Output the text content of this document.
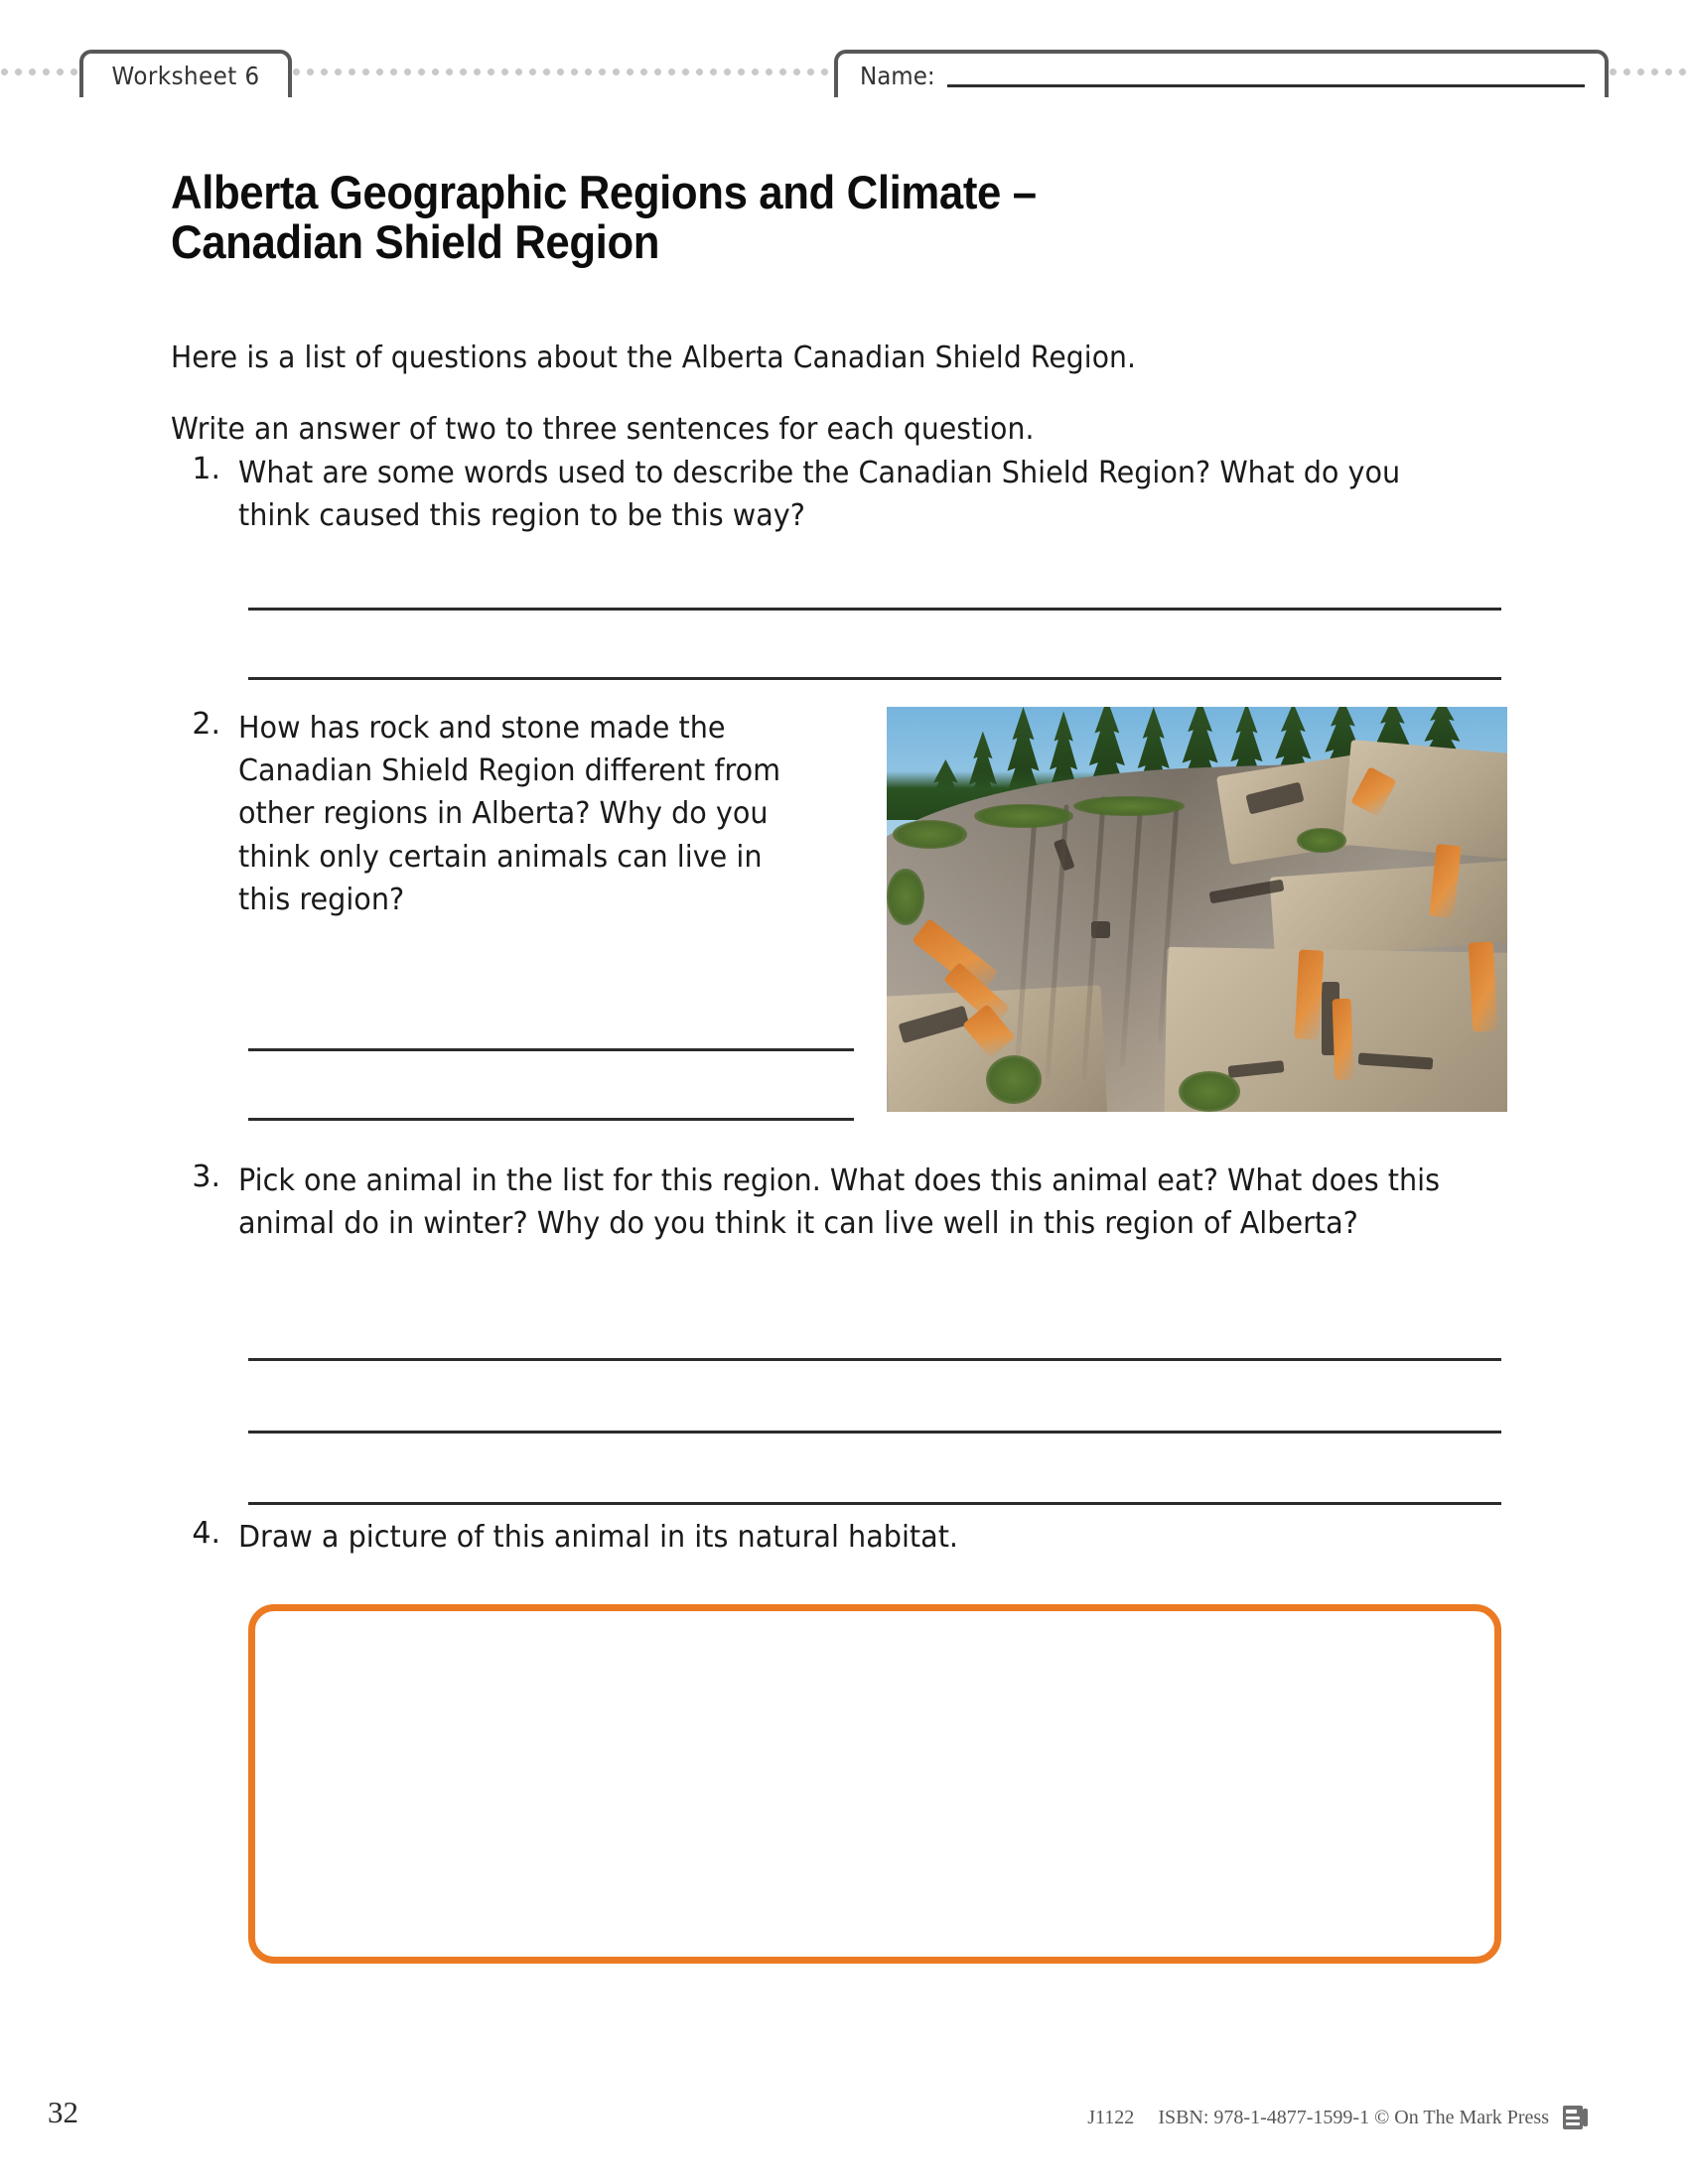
Worksheet 6	Name:
Alberta Geographic Regions and Climate –
Canadian Shield Region

Here is a list of questions about the Alberta Canadian Shield Region.

Write an answer of two to three sentences for each question.

1. What are some words used to describe the Canadian Shield Region? What do you think caused this region to be this way?
2. How has rock and stone made the Canadian Shield Region different from other regions in Alberta? Why do you think only certain animals can live in this region?
3. Pick one animal in the list for this region. What does this animal eat? What does this animal do in winter? Why do you think it can live well in this region of Alberta?
4. Draw a picture of this animal in its natural habitat.
32	J1122 ISBN: 978-1-4877-1599-1 © On The Mark Press
